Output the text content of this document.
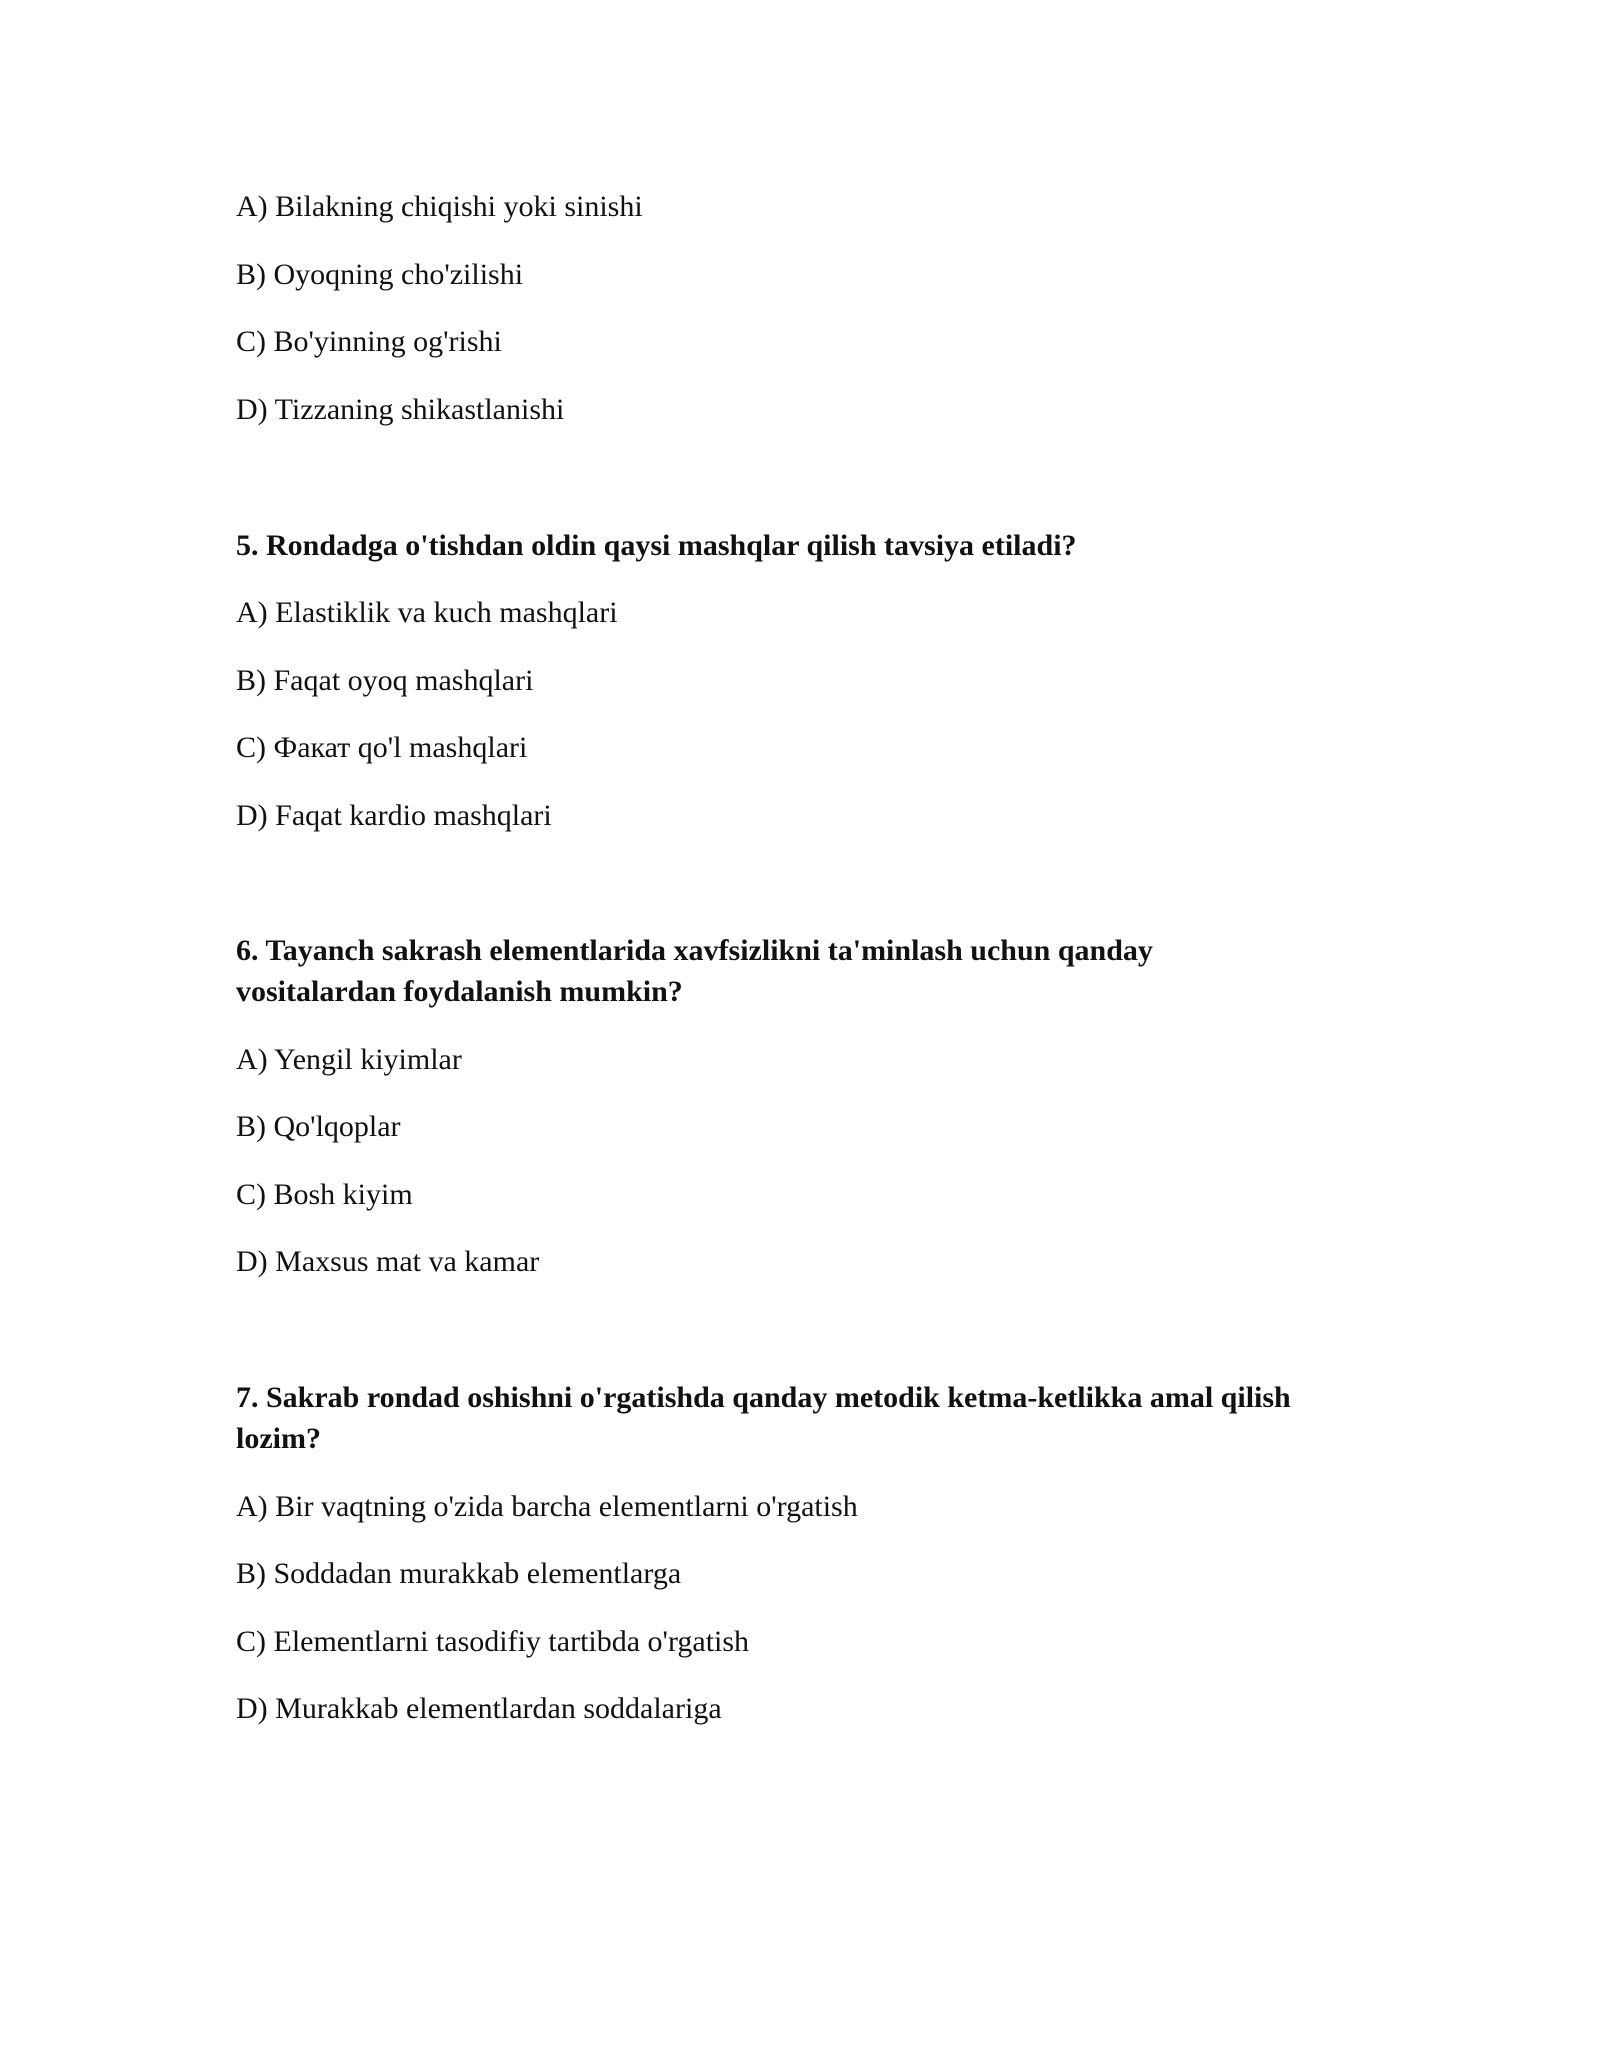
A) Bilakning chiqishi yoki sinishi
B) Oyoqning cho'zilishi
C) Bo'yinning og'rishi
D) Tizzaning shikastlanishi
5. Rondadga o'tishdan oldin qaysi mashqlar qilish tavsiya etiladi?
A) Elastiklik va kuch mashqlari
B) Faqat oyoq mashqlari
C) Факат qo'l mashqlari
D) Faqat kardio mashqlari
6. Tayanch sakrash elementlarida xavfsizlikni ta'minlash uchun qanday
vositalardan foydalanish mumkin?
A) Yengil kiyimlar
B) Qo'lqoplar
C) Bosh kiyim
D) Maxsus mat va kamar
7. Sakrab rondad oshishni o'rgatishda qanday metodik ketma-ketlikka amal qilish
lozim?
A) Bir vaqtning o'zida barcha elementlarni o'rgatish
B) Soddadan murakkab elementlarga
C) Elementlarni tasodifiy tartibda o'rgatish
D) Murakkab elementlardan soddalariga
